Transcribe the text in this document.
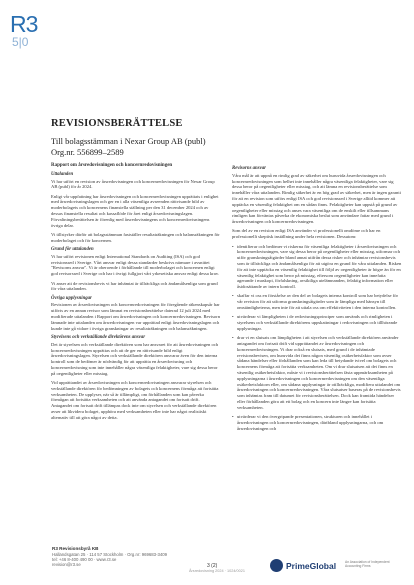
R3
5|0
REVISIONSBERÄTTELSE
Till bolagsstämman i Nexar Group AB (publ)
Org.nr. 556899–2589
Rapport om årsredovisningen och koncernredovisningen
Uttalanden

Vi har utfört en revision av årsredovisningen och koncernredovisningen för Nexar Group AB (publ) för år 2024.

Enligt vår uppfattning har årsredovisningen och koncernredovisningen upprättats i enlighet med årsredovisningslagen och ger en i alla väsentliga avseenden rättvisande bild av moderbolagets och koncernens finansiella ställning per den 31 december 2024 och av dessas finansiella resultat och kassaflöde för året enligt årsredovisningslagen. Förvaltningsberättelsen är förenlig med årsredovisningens och koncernredovisningens övriga delar.

Vi tillstyrker därför att bolagsstämman fastställer resultaträkningen och balansräkningen för moderbolaget och för koncernen.

Grund för uttalanden

Vi har utfört revisionen enligt International Standards on Auditing (ISA) och god revisionssed i Sverige. Vårt ansvar enligt dessa standarder beskrivs närmare i avsnittet "Revisorns ansvar". Vi är oberoende i förhållande till moderbolaget och koncernen enligt god revisorssed i Sverige och har i övrigt fullgjort vårt yrkesetiska ansvar enligt dessa krav.

Vi anser att de revisionsbevis vi har inhämtat är tillräckliga och ändamålsenliga som grund för våra uttalanden.

Övriga upplysningar

Revisionen av årsredovisningen och koncernredovisningen för föregående räkenskapsår har utförts av en annan revisor som lämnat en revisionsberättelse daterad 12 juli 2024 med modifierade uttalanden i Rapport om årsredovisningen och koncernredovisningen. Revisorn lämnade inte uttalanden om årsredovisningen var upprättad enligt årsredovisningslagen och kunde inte gå vidare i övriga granskningar av resultaträkningen och balansräkningen.

Styrelsens och verkställande direktörens ansvar

Det är styrelsen och verkställande direktören som har ansvaret för att årsredovisningen och koncernredovisningen upprättas och att de ger en rättvisande bild enligt årsredovisningslagen. Styrelsen och verkställande direktören ansvarar även för den interna kontroll som de bedömer är nödvändig för att upprätta en årsredovisning och koncernredovisning som inte innehåller några väsentliga felaktigheter, vare sig dessa beror på oegentligheter eller misstag.

Vid upprättandet av årsredovisningen och koncernredovisningen ansvarar styrelsen och verkställande direktören för bedömningen av bolagets och koncernens förmåga att fortsätta verksamheten. De upplyser, när så är tillämpligt, om förhållanden som kan påverka förmågan att fortsätta verksamheten och att använda antagandet om fortsatt drift. Antagandet om fortsatt drift tillämpas dock inte om styrelsen och verkställande direktören avser att likvidera bolaget, upphöra med verksamheten eller inte har något realistiskt alternativ till att göra något av detta.

Revisorns ansvar

Våra mål är att uppnå en rimlig grad av säkerhet om huruvida årsredovisningen och koncernredovisningen som helhet inte innehåller några väsentliga felaktigheter, vare sig dessa beror på oegentligheter eller misstag, och att lämna en revisionsberättelse som innehåller våra uttalanden. Rimlig säkerhet är en hög grad av säkerhet, men är ingen garanti för att en revision som utförs enligt ISA och god revisionssed i Sverige alltid kommer att upptäcka en väsentlig felaktighet om en sådan finns. Felaktigheter kan uppstå på grund av oegentligheter eller misstag och anses vara väsentliga om de enskilt eller tillsammans rimligen kan förväntas påverka de ekonomiska beslut som användare fattar med grund i årsredovisningen och koncernredovisningen.

Som del av en revision enligt ISA använder vi professionellt omdöme och har en professionellt skeptisk inställning under hela revisionen. Dessutom:

• identifierar och bedömer vi riskerna för väsentliga felaktigheter i årsredovisningen och koncernredovisningen, vare sig dessa beror på oegentligheter eller misstag, utformar och utför granskningsåtgärder bland annat utifrån dessa risker och inhämtar revisionsbevis som är tillräckliga och ändamålsenliga för att utgöra en grund för våra uttalanden. Risken för att inte upptäcka en väsentlig felaktighet till följd av oegentligheter är högre än för en väsentlig felaktighet som beror på misstag, eftersom oegentligheter kan innefatta agerande i maskopi, förfalskning, avsiktliga utelämnanden, felaktig information eller åsidosättande av intern kontroll.
• skaffar vi oss en förståelse av den del av bolagets interna kontroll som har betydelse för vår revision för att utforma granskningsåtgärder som är lämpliga med hänsyn till omständigheterna, men inte för att uttala oss om effektiviteten i den interna kontrollen.
• utvärderar vi lämpligheten i de redovisningsprinciper som används och rimligheten i styrelsens och verkställande direktörens uppskattningar i redovisningen och tillhörande upplysningar.
• drar vi en slutsats om lämpligheten i att styrelsen och verkställande direktören använder antagandet om fortsatt drift vid upprättandet av årsredovisningen och koncernredovisningen. Vi drar också en slutsats, med grund i de inhämtade revisionsbevisen, om huruvida det finns någon väsentlig osäkerhetsfaktor som avser sådana händelser eller förhållanden som kan leda till betydande tvivel om bolagets och koncernens förmåga att fortsätta verksamheten. Om vi drar slutsatsen att det finns en väsentlig osäkerhetsfaktor, måste vi i revisionsberättelsen fästa uppmärksamheten på upplysningarna i årsredovisningen och koncernredovisningen om den väsentliga osäkerhetsfaktorn eller, om sådana upplysningar är otillräckliga, modifiera uttalandet om årsredovisningen och koncernredovisningen. Våra slutsatser baseras på de revisionsbevis som inhämtas fram till datumet för revisionsberättelsen. Dock kan framtida händelser eller förhållanden göra att ett bolag och en koncern inte längre kan fortsätta verksamheten.
• utvärderar vi den övergripande presentationen, strukturen och innehållet i årsredovisningen och koncernredovisningen, däribland upplysningarna, och om årsredovisningen och
R3 Revisionsbyrå KB
Hallandsgatan 25 · 114 57 Stockholm · Org.nr: 969683-3409
tel: +46 8-400 490 00 · www.r3.se
revision@r3.se	3 (2)
Årsredovisning 2024 · 1024/0021
PrimeGlobal	An Association of Independent Accounting Firms
